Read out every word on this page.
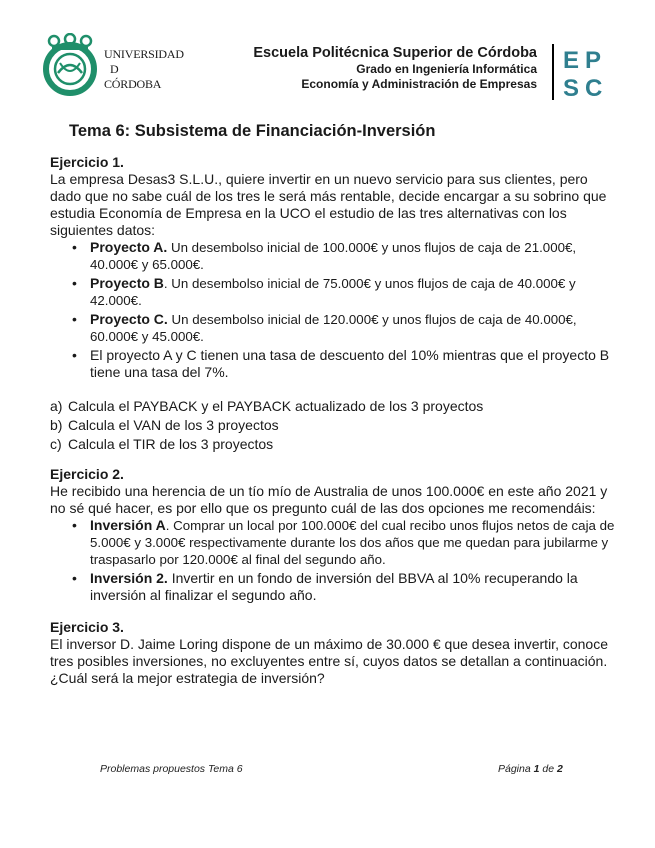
UNIVERSIDAD
D
CÓRDOBA
Escuela Politécnica Superior de Córdoba
Grado en Ingeniería Informática
Economía y Administración de Empresas
E P
S C
Tema 6: Subsistema de Financiación-Inversión

Ejercicio 1.

La empresa Desas3 S.L.U., quiere invertir en un nuevo servicio para sus clientes, pero dado que no sabe cuál de los tres le será más rentable, decide encargar a su sobrino que estudia Economía de Empresa en la UCO el estudio de las tres alternativas con los siguientes datos:

• Proyecto A. Un desembolso inicial de 100.000€ y unos flujos de caja de 21.000€, 40.000€ y 65.000€.
• Proyecto B. Un desembolso inicial de 75.000€ y unos flujos de caja de 40.000€ y 42.000€.
• Proyecto C. Un desembolso inicial de 120.000€ y unos flujos de caja de 40.000€, 60.000€ y 45.000€.
• El proyecto A y C tienen una tasa de descuento del 10% mientras que el proyecto B tiene una tasa del 7%.
a) Calcula el PAYBACK y el PAYBACK actualizado de los 3 proyectos
b) Calcula el VAN de los 3 proyectos
c) Calcula el TIR de los 3 proyectos

Ejercicio 2.

He recibido una herencia de un tío mío de Australia de unos 100.000€ en este año 2021 y no sé qué hacer, es por ello que os pregunto cuál de las dos opciones me recomendáis:

• Inversión A. Comprar un local por 100.000€ del cual recibo unos flujos netos de caja de 5.000€ y 3.000€ respectivamente durante los dos años que me quedan para jubilarme y traspasarlo por 120.000€ al final del segundo año.
• Inversión 2. Invertir en un fondo de inversión del BBVA al 10% recuperando la inversión al finalizar el segundo año.

Ejercicio 3.

El inversor D. Jaime Loring dispone de un máximo de 30.000 € que desea invertir, conoce tres posibles inversiones, no excluyentes entre sí, cuyos datos se detallan a continuación. ¿Cuál será la mejor estrategia de inversión?

Problemas propuestos Tema 6	Página 1 de 2
